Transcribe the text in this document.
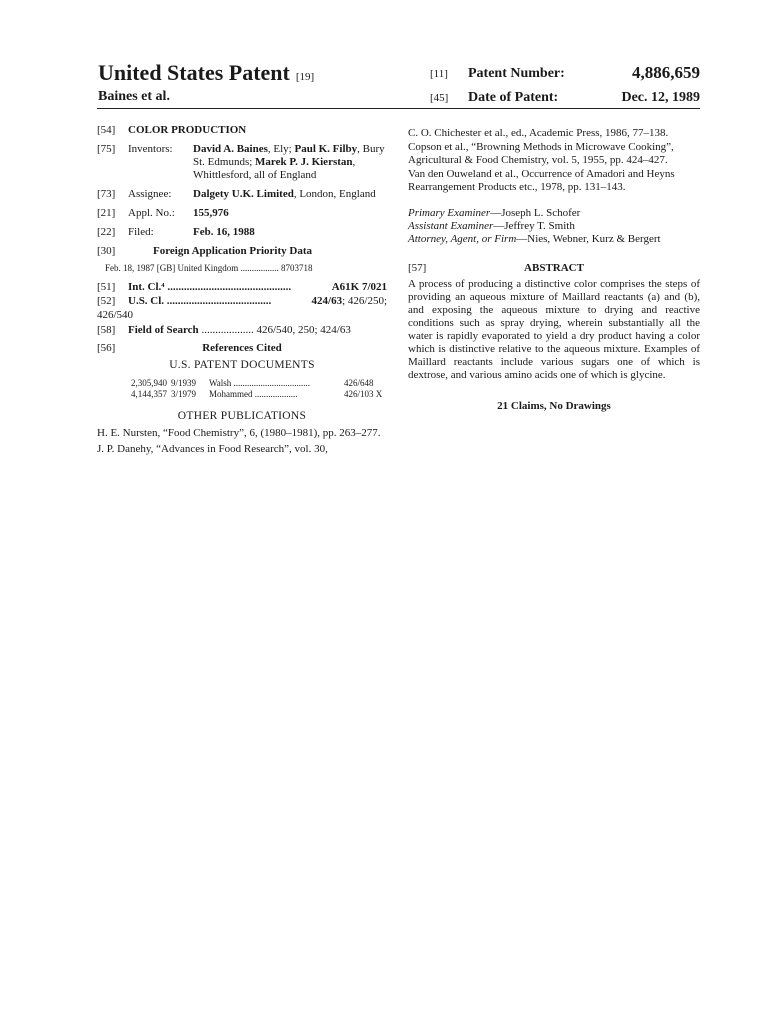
United States Patent [19]
Baines et al.
[11] Patent Number:	4,886,659
[45] Date of Patent:	Dec. 12, 1989
[54] COLOR PRODUCTION
[75] Inventors: David A. Baines, Ely; Paul K. Filby, Bury St. Edmunds; Marek P. J. Kierstan, Whittlesford, all of England
[73] Assignee: Dalgety U.K. Limited, London, England
[21] Appl. No.: 155,976
[22] Filed:	Feb. 16, 1988
[30]	Foreign Application Priority Data
Feb. 18, 1987 [GB] United Kingdom ................. 8703718
[51] Int. Cl.⁴ .............................................	A61K 7/021
[52] U.S. Cl. ......................................	424/63; 426/250;
426/540
[58] Field of Search ................... 426/540, 250; 424/63
[56]	References Cited
U.S. PATENT DOCUMENTS
2,305,940 9/1939 Walsh ..................................	426/648
4,144,357 3/1979 Mohammed ...................	426/103 X
OTHER PUBLICATIONS
H. E. Nursten, “Food Chemistry”, 6, (1980–1981), pp. 263–277.
J. P. Danehy, “Advances in Food Research”, vol. 30,
C. O. Chichester et al., ed., Academic Press, 1986, 77–138.
Copson et al., “Browning Methods in Microwave Cooking”, Agricultural & Food Chemistry, vol. 5, 1955, pp. 424–427.
Van den Ouweland et al., Occurrence of Amadori and Heyns Rearrangement Products etc., 1978, pp. 131–143.
Primary Examiner—Joseph L. Schofer
Assistant Examiner—Jeffrey T. Smith
Attorney, Agent, or Firm—Nies, Webner, Kurz & Bergert
[57]	ABSTRACT
A process of producing a distinctive color comprises the steps of providing an aqueous mixture of Maillard reactants (a) and (b), and exposing the aqueous mixture to drying and reactive conditions such as spray drying, wherein substantially all the water is rapidly evaporated to yield a dry product having a color which is distinctive relative to the aqueous mixture. Examples of Maillard reactants include various sugars one of which is dextrose, and various amino acids one of which is glycine.
21 Claims, No Drawings
